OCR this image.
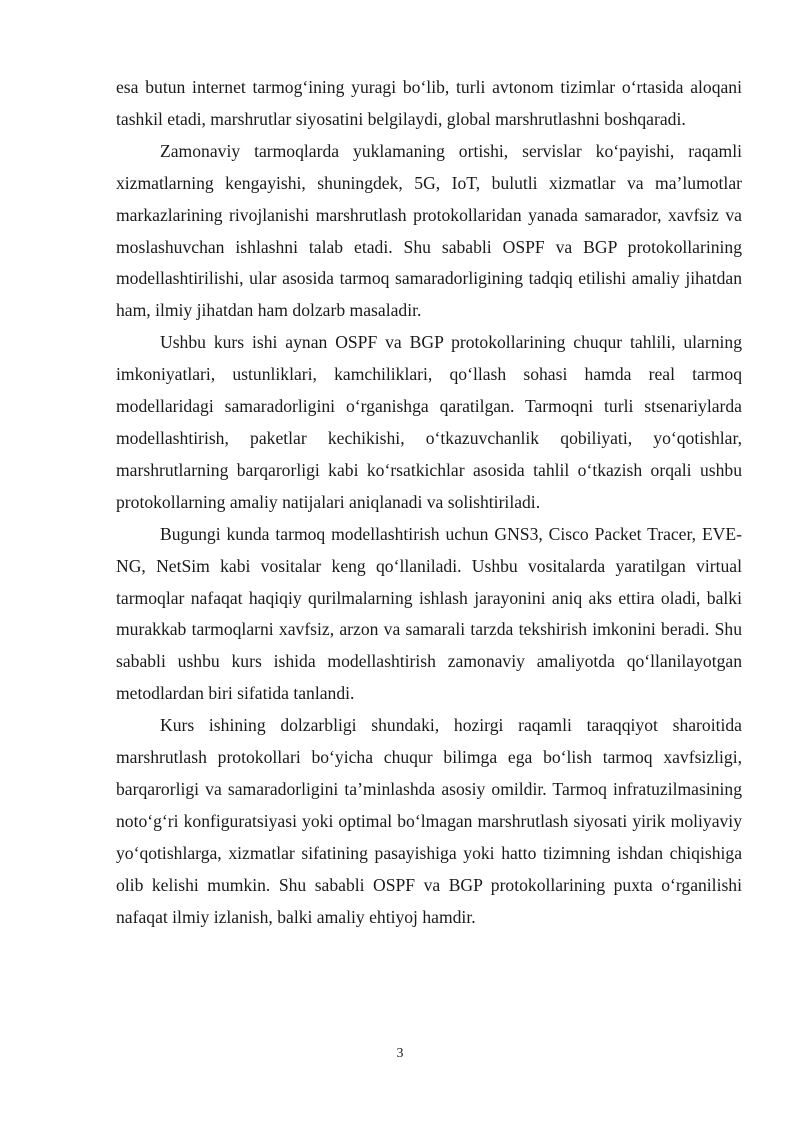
esa butun internet tarmog‘ining yuragi bo‘lib, turli avtonom tizimlar o‘rtasida aloqani tashkil etadi, marshrutlar siyosatini belgilaydi, global marshrutlashni boshqaradi.

Zamonaviy tarmoqlarda yuklamaning ortishi, servislar ko‘payishi, raqamli xizmatlarning kengayishi, shuningdek, 5G, IoT, bulutli xizmatlar va ma’lumotlar markazlarining rivojlanishi marshrutlash protokollaridan yanada samarador, xavfsiz va moslashuvchan ishlashni talab etadi. Shu sababli OSPF va BGP protokollarining modellashtirilishi, ular asosida tarmoq samaradorligining tadqiq etilishi amaliy jihatdan ham, ilmiy jihatdan ham dolzarb masaladir.

Ushbu kurs ishi aynan OSPF va BGP protokollarining chuqur tahlili, ularning imkoniyatlari, ustunliklari, kamchiliklari, qo‘llash sohasi hamda real tarmoq modellaridagi samaradorligini o‘rganishga qaratilgan. Tarmoqni turli stsenariylarda modellashtirish, paketlar kechikishi, o‘tkazuvchanlik qobiliyati, yo‘qotishlar, marshrutlarning barqarorligi kabi ko‘rsatkichlar asosida tahlil o‘tkazish orqali ushbu protokollarning amaliy natijalari aniqlanadi va solishtiriladi.

Bugungi kunda tarmoq modellashtirish uchun GNS3, Cisco Packet Tracer, EVE-NG, NetSim kabi vositalar keng qo‘llaniladi. Ushbu vositalarda yaratilgan virtual tarmoqlar nafaqat haqiqiy qurilmalarning ishlash jarayonini aniq aks ettira oladi, balki murakkab tarmoqlarni xavfsiz, arzon va samarali tarzda tekshirish imkonini beradi. Shu sababli ushbu kurs ishida modellashtirish zamonaviy amaliyotda qo‘llanilayotgan metodlardan biri sifatida tanlandi.

Kurs ishining dolzarbligi shundaki, hozirgi raqamli taraqqiyot sharoitida marshrutlash protokollari bo‘yicha chuqur bilimga ega bo‘lish tarmoq xavfsizligi, barqarorligi va samaradorligini ta’minlashda asosiy omildir. Tarmoq infratuzilmasining noto‘g‘ri konfiguratsiyasi yoki optimal bo‘lmagan marshrutlash siyosati yirik moliyaviy yo‘qotishlarga, xizmatlar sifatining pasayishiga yoki hatto tizimning ishdan chiqishiga olib kelishi mumkin. Shu sababli OSPF va BGP protokollarining puxta o‘rganilishi nafaqat ilmiy izlanish, balki amaliy ehtiyoj hamdir.

3
